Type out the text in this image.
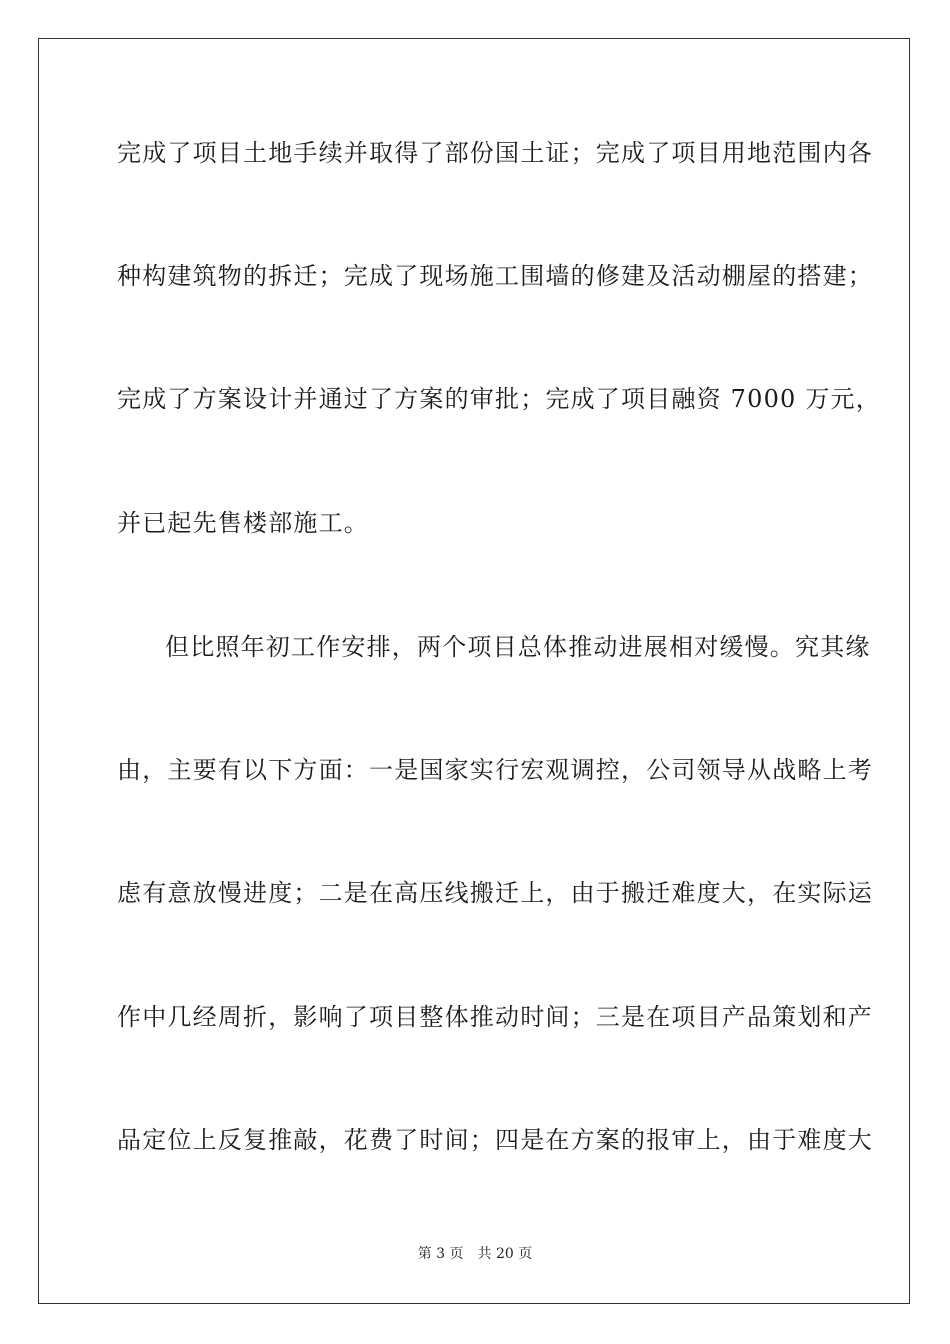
完成了项目土地手续并取得了部份国土证；完成了项目用地范围内各
种构建筑物的拆迁；完成了现场施工围墙的修建及活动棚屋的搭建；
完成了方案设计并通过了方案的审批；完成了项目融资 7000 万元，
并已起先售楼部施工。
但比照年初工作安排，两个项目总体推动进展相对缓慢。究其缘
由，主要有以下方面：一是国家实行宏观调控，公司领导从战略上考
虑有意放慢进度；二是在高压线搬迁上，由于搬迁难度大，在实际运
作中几经周折，影响了项目整体推动时间；三是在项目产品策划和产
品定位上反复推敲，花费了时间；四是在方案的报审上，由于难度大
第 3 页 共 20 页
